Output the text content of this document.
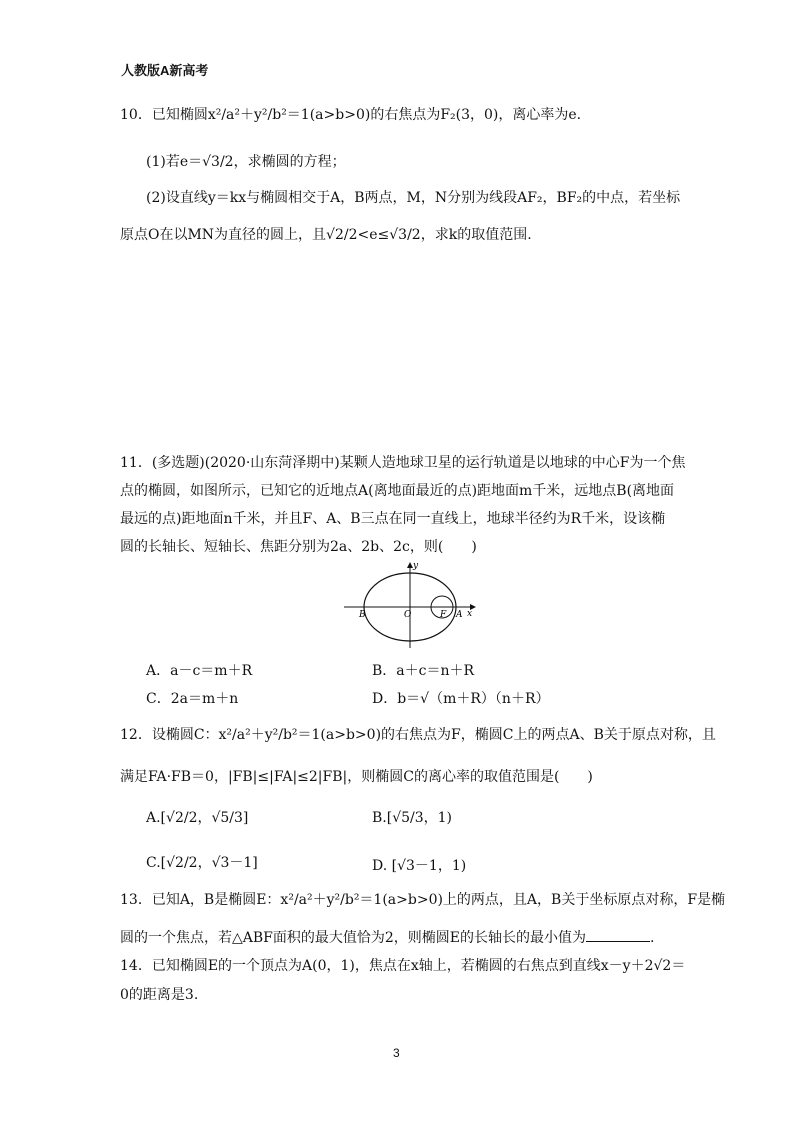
人教版A新高考
10．已知椭圆x²/a²＋y²/b²＝1(a>b>0)的右焦点为F₂(3，0)，离心率为e.
(1)若e＝√3/2，求椭圆的方程；
(2)设直线y＝kx与椭圆相交于A，B两点，M，N分别为线段AF₂，BF₂的中点，若坐标
原点O在以MN为直径的圆上，且√2/2<e≤√3/2，求k的取值范围.
11．(多选题)(2020·山东菏泽期中)某颗人造地球卫星的运行轨道是以地球的中心F为一个焦
点的椭圆，如图所示，已知它的近地点A(离地面最近的点)距地面m千米，远地点B(离地面
最远的点)距地面n千米，并且F、A、B三点在同一直线上，地球半径约为R千米，设该椭
圆的长轴长、短轴长、焦距分别为2a、2b、2c，则(　　)
y
x
B	O	F A
A．a－c＝m＋R	B．a＋c＝n＋R
C．2a＝m＋n	D．b＝√（m＋R）（n＋R）
12．设椭圆C：x²/a²＋y²/b²＝1(a>b>0)的右焦点为F，椭圆C上的两点A、B关于原点对称，且
满足FA·FB＝0，|FB|≤|FA|≤2|FB|，则椭圆C的离心率的取值范围是(　　)
A.[√2/2，√5/3]	B.[√5/3，1)
C.[√2/2，√3－1]	D. [√3－1，1)
13．已知A，B是椭圆E：x²/a²＋y²/b²＝1(a>b>0)上的两点，且A，B关于坐标原点对称，F是椭
圆的一个焦点，若△ABF面积的最大值恰为2，则椭圆E的长轴长的最小值为	.
14．已知椭圆E的一个顶点为A(0，1)，焦点在x轴上，若椭圆的右焦点到直线x－y＋2√2＝
0的距离是3.
3
